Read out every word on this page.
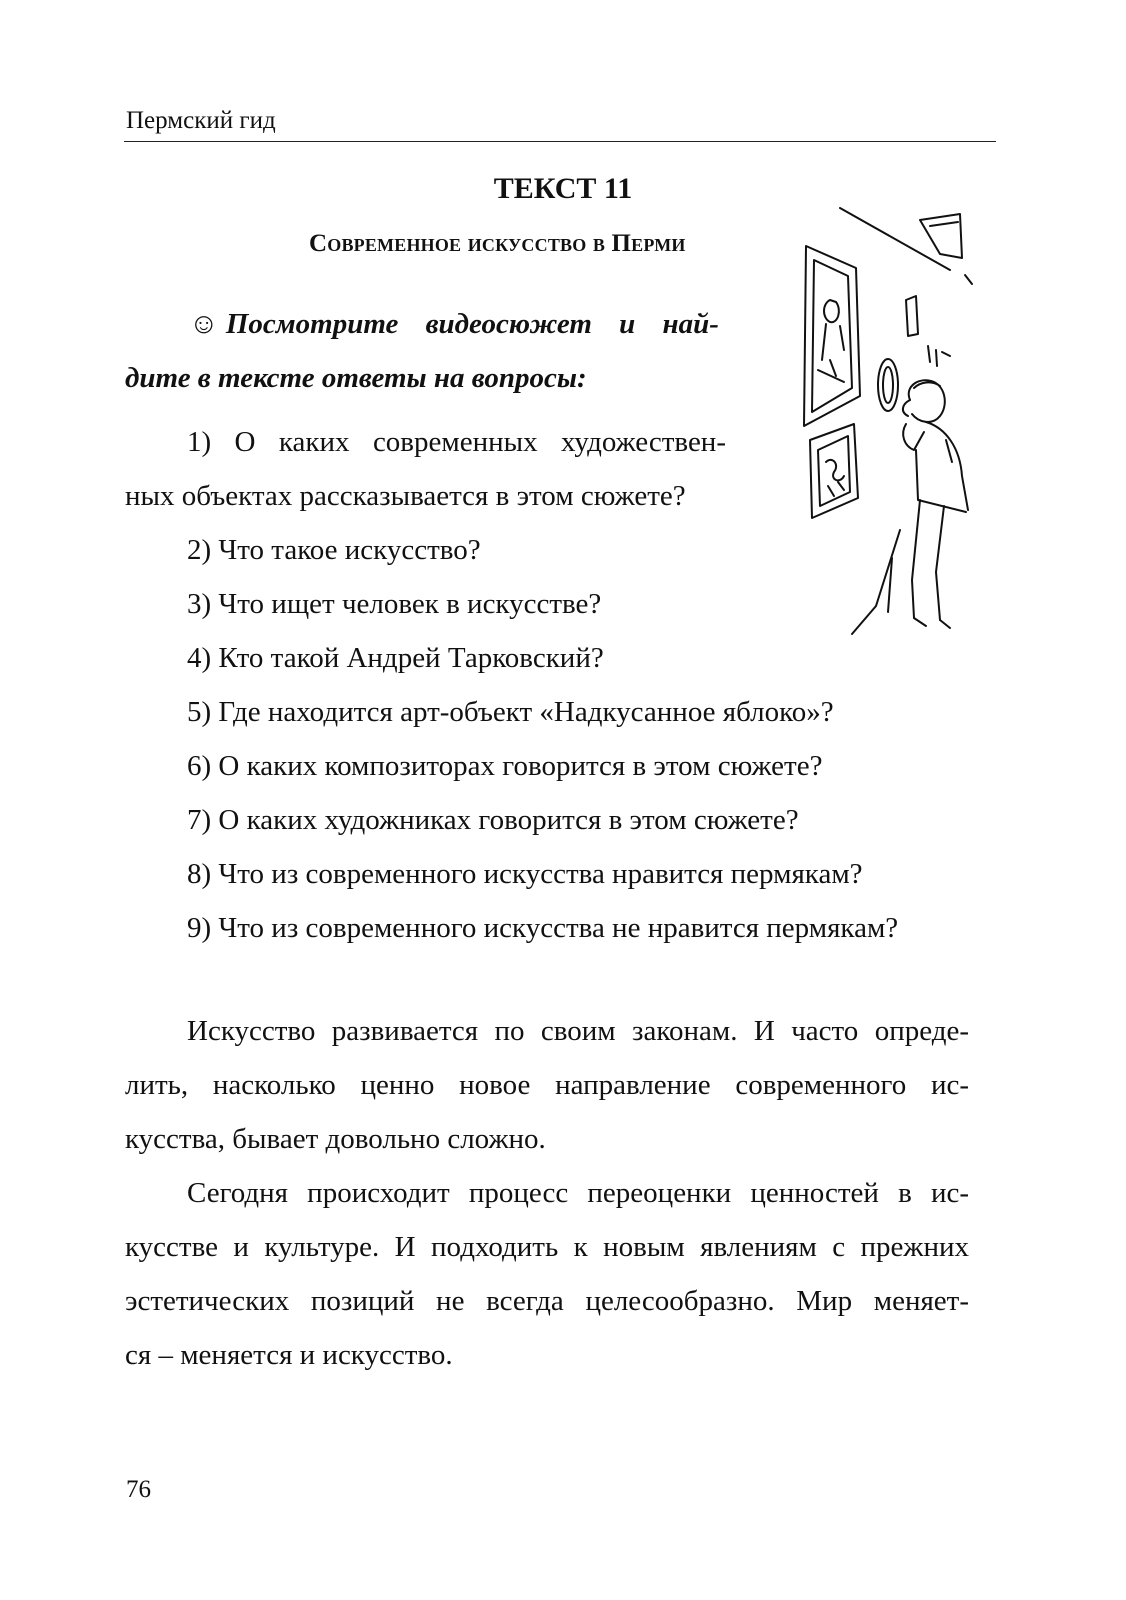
Пермский гид
ТЕКСТ 11
Современное искусство в Перми
☺ Посмотрите видеосюжет и най-
дите в тексте ответы на вопросы:
1) О каких современных художествен-
ных объектах рассказывается в этом сюжете?
2) Что такое искусство?
3) Что ищет человек в искусстве?
4) Кто такой Андрей Тарковский?
5) Где находится арт-объект «Надкусанное яблоко»?
6) О каких композиторах говорится в этом сюжете?
7) О каких художниках говорится в этом сюжете?
8) Что из современного искусства нравится пермякам?
9) Что из современного искусства не нравится пермякам?
Искусство развивается по своим законам. И часто опреде-
лить, насколько ценно новое направление современного ис-
кусства, бывает довольно сложно.
Сегодня происходит процесс переоценки ценностей в ис-
кусстве и культуре. И подходить к новым явлениям с прежних
эстетических позиций не всегда целесообразно. Мир меняет-
ся – меняется и искусство.
76
